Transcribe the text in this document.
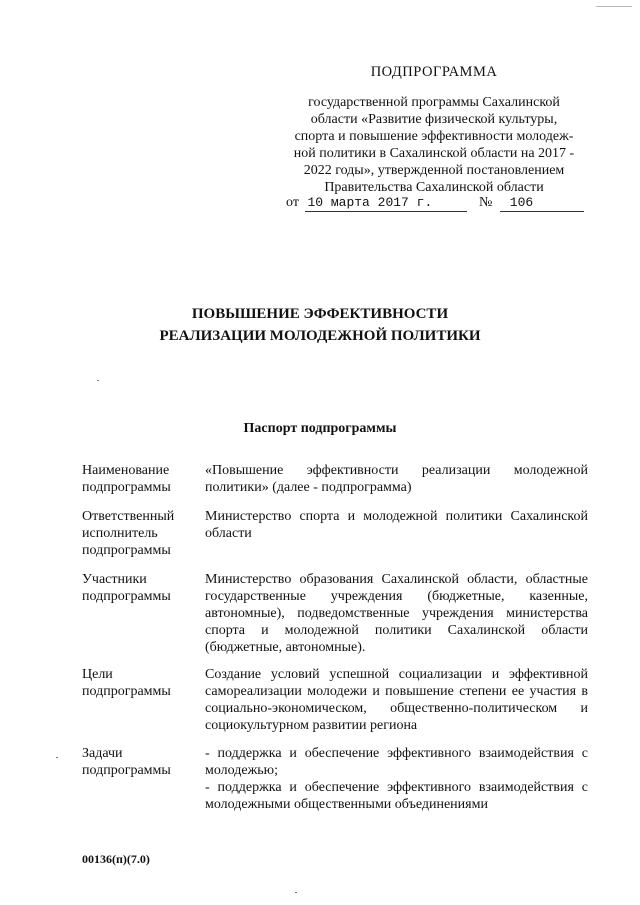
ПОДПРОГРАММА

государственной программы Сахалинской

области «Развитие физической культуры,

спорта и повышение эффективности молодеж-

ной политики в Сахалинской области на 2017 -

2022 годы», утвержденной постановлением

Правительства Сахалинской области

от 10 марта 2017 г.	№ 106

ПОВЫШЕНИЕ ЭФФЕКТИВНОСТИ

РЕАЛИЗАЦИИ МОЛОДЕЖНОЙ ПОЛИТИКИ

Паспорт подпрограммы

Наименование

подпрограммы

«Повышение эффективности реализации молодежной политики» (далее - подпрограмма)

Ответственный

исполнитель

подпрограммы

Министерство спорта и молодежной политики Сахалинской области

Участники

подпрограммы

Министерство образования Сахалинской области, областные государственные учреждения (бюджетные, казенные, автономные), подведомственные учреждения министерства спорта и молодежной политики Сахалинской области (бюджетные, автономные).

Цели

подпрограммы

Создание условий успешной социализации и эффективной самореализации молодежи и повышение степени ее участия в социально-экономическом, общественно-политическом и социокультурном развитии региона

Задачи

подпрограммы

- поддержка и обеспечение эффективного взаимодействия с молодежью;

- поддержка и обеспечение эффективного взаимодействия с молодежными общественными объединениями

00136(п)(7.0)
